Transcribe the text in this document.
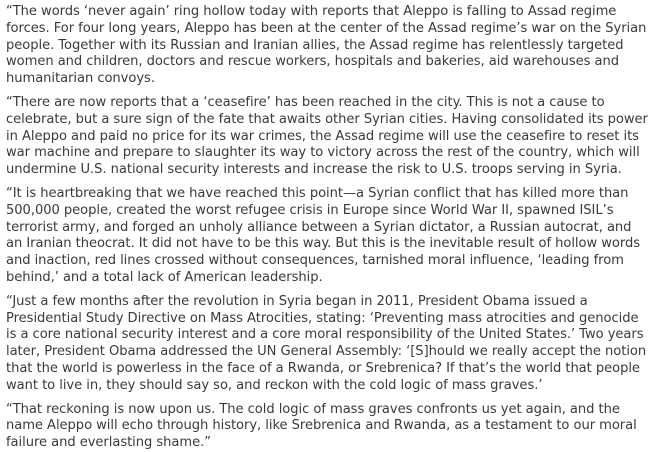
“The words ‘never again’ ring hollow today with reports that Aleppo is falling to Assad regime forces. For four long years, Aleppo has been at the center of the Assad regime’s war on the Syrian people. Together with its Russian and Iranian allies, the Assad regime has relentlessly targeted women and children, doctors and rescue workers, hospitals and bakeries, aid warehouses and humanitarian convoys.

“There are now reports that a ‘ceasefire’ has been reached in the city. This is not a cause to celebrate, but a sure sign of the fate that awaits other Syrian cities. Having consolidated its power in Aleppo and paid no price for its war crimes, the Assad regime will use the ceasefire to reset its war machine and prepare to slaughter its way to victory across the rest of the country, which will undermine U.S. national security interests and increase the risk to U.S. troops serving in Syria.

“It is heartbreaking that we have reached this point—a Syrian conflict that has killed more than 500,000 people, created the worst refugee crisis in Europe since World War II, spawned ISIL’s terrorist army, and forged an unholy alliance between a Syrian dictator, a Russian autocrat, and an Iranian theocrat. It did not have to be this way. But this is the inevitable result of hollow words and inaction, red lines crossed without consequences, tarnished moral influence, ‘leading from behind,’ and a total lack of American leadership.

“Just a few months after the revolution in Syria began in 2011, President Obama issued a Presidential Study Directive on Mass Atrocities, stating: ‘Preventing mass atrocities and genocide is a core national security interest and a core moral responsibility of the United States.’ Two years later, President Obama addressed the UN General Assembly: ‘[S]hould we really accept the notion that the world is powerless in the face of a Rwanda, or Srebrenica? If that’s the world that people want to live in, they should say so, and reckon with the cold logic of mass graves.’

“That reckoning is now upon us. The cold logic of mass graves confronts us yet again, and the name Aleppo will echo through history, like Srebrenica and Rwanda, as a testament to our moral failure and everlasting shame.”
